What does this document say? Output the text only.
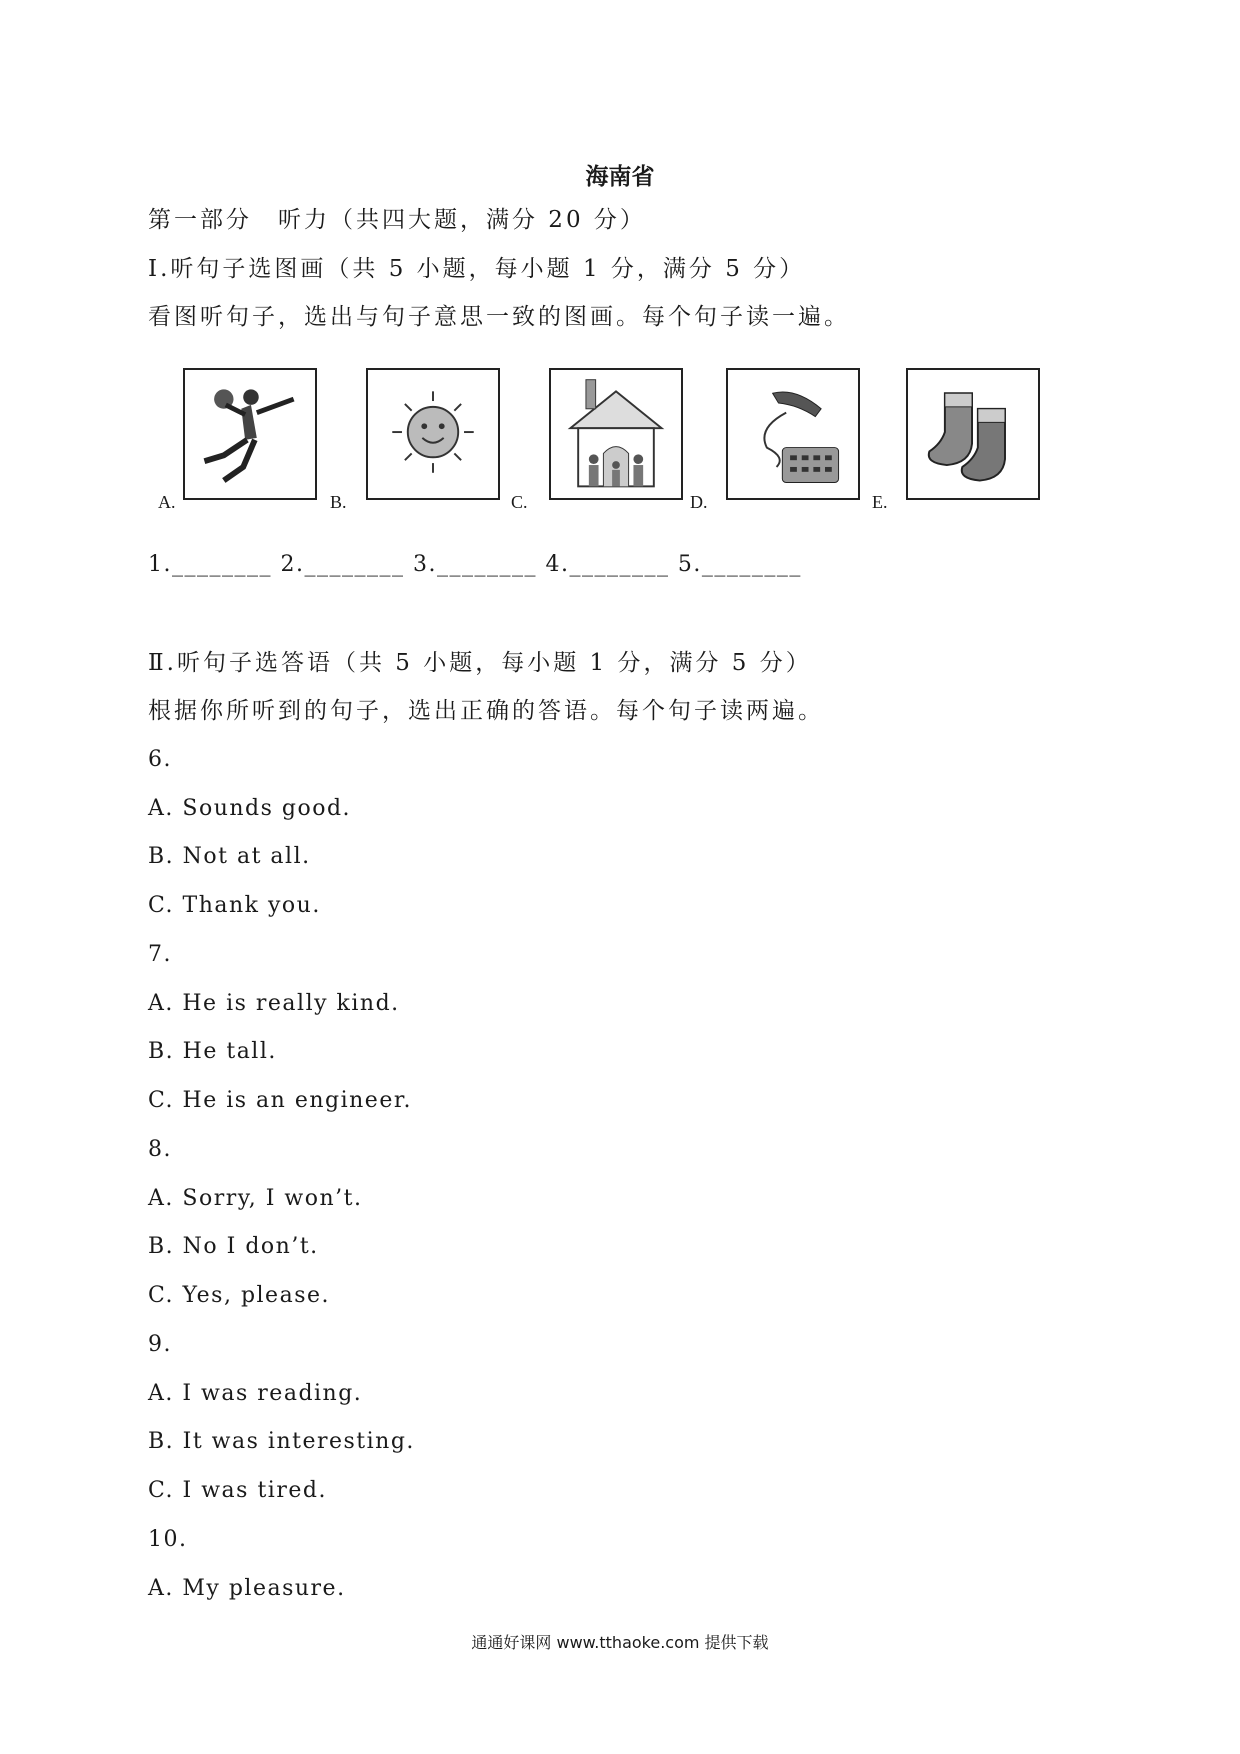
海南省
第一部分　听力（共四大题，满分 20 分）
I.听句子选图画（共 5 小题，每小题 1 分，满分 5 分）
看图听句子，选出与句子意思一致的图画。每个句子读一遍。
A.	B.	C.	D.	E.
1.________ 2.________ 3.________ 4.________ 5.________
Ⅱ.听句子选答语（共 5 小题，每小题 1 分，满分 5 分）
根据你所听到的句子，选出正确的答语。每个句子读两遍。
6.
A. Sounds good.
B. Not at all.
C. Thank you.
7.
A. He is really kind.
B. He tall.
C. He is an engineer.
8.
A. Sorry, I won’t.
B. No I don’t.
C. Yes, please.
9.
A. I was reading.
B. It was interesting.
C. I was tired.
10.
A. My pleasure.
通通好课网 www.tthaoke.com 提供下载
